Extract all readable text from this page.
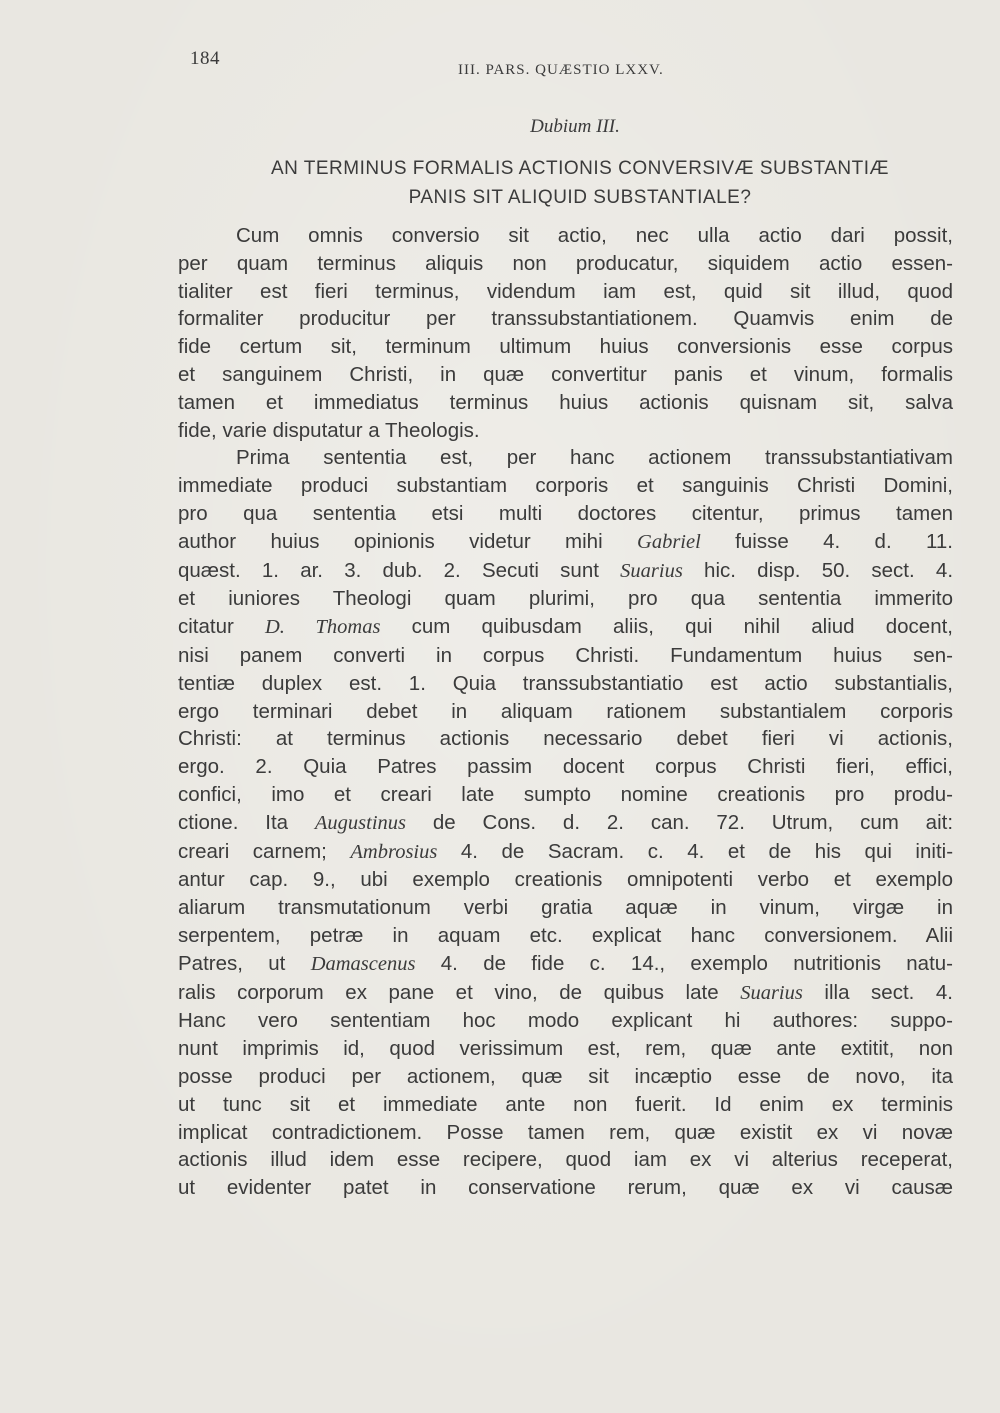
184
III. PARS. QUÆSTIO LXXV.
Dubium III.
AN TERMINUS FORMALIS ACTIONIS CONVERSIVÆ SUBSTANTIÆ
PANIS SIT ALIQUID SUBSTANTIALE?
Cum omnis conversio sit actio, nec ulla actio dari possit,
per quam terminus aliquis non producatur, siquidem actio essen-
tialiter est fieri terminus, videndum iam est, quid sit illud, quod
formaliter producitur per transsubstantiationem. Quamvis enim de
fide certum sit, terminum ultimum huius conversionis esse corpus
et sanguinem Christi, in quæ convertitur panis et vinum, formalis
tamen et immediatus terminus huius actionis quisnam sit, salva
fide, varie disputatur a Theologis.
Prima sententia est, per hanc actionem transsubstantiativam
immediate produci substantiam corporis et sanguinis Christi Domini,
pro qua sententia etsi multi doctores citentur, primus tamen
author huius opinionis videtur mihi Gabriel fuisse 4. d. 11.
quæst. 1. ar. 3. dub. 2. Secuti sunt Suarius hic. disp. 50. sect. 4.
et iuniores Theologi quam plurimi, pro qua sententia immerito
citatur D. Thomas cum quibusdam aliis, qui nihil aliud docent,
nisi panem converti in corpus Christi. Fundamentum huius sen-
tentiæ duplex est. 1. Quia transsubstantiatio est actio substantialis,
ergo terminari debet in aliquam rationem substantialem corporis
Christi: at terminus actionis necessario debet fieri vi actionis,
ergo. 2. Quia Patres passim docent corpus Christi fieri, effici,
confici, imo et creari late sumpto nomine creationis pro produ-
ctione. Ita Augustinus de Cons. d. 2. can. 72. Utrum, cum ait:
creari carnem; Ambrosius 4. de Sacram. c. 4. et de his qui initi-
antur cap. 9., ubi exemplo creationis omnipotenti verbo et exemplo
aliarum transmutationum verbi gratia aquæ in vinum, virgæ in
serpentem, petræ in aquam etc. explicat hanc conversionem. Alii
Patres, ut Damascenus 4. de fide c. 14., exemplo nutritionis natu-
ralis corporum ex pane et vino, de quibus late Suarius illa sect. 4.
Hanc vero sententiam hoc modo explicant hi authores: suppo-
nunt imprimis id, quod verissimum est, rem, quæ ante extitit, non
posse produci per actionem, quæ sit incæptio esse de novo, ita
ut tunc sit et immediate ante non fuerit. Id enim ex terminis
implicat contradictionem. Posse tamen rem, quæ existit ex vi novæ
actionis illud idem esse recipere, quod iam ex vi alterius receperat,
ut evidenter patet in conservatione rerum, quæ ex vi causæ
